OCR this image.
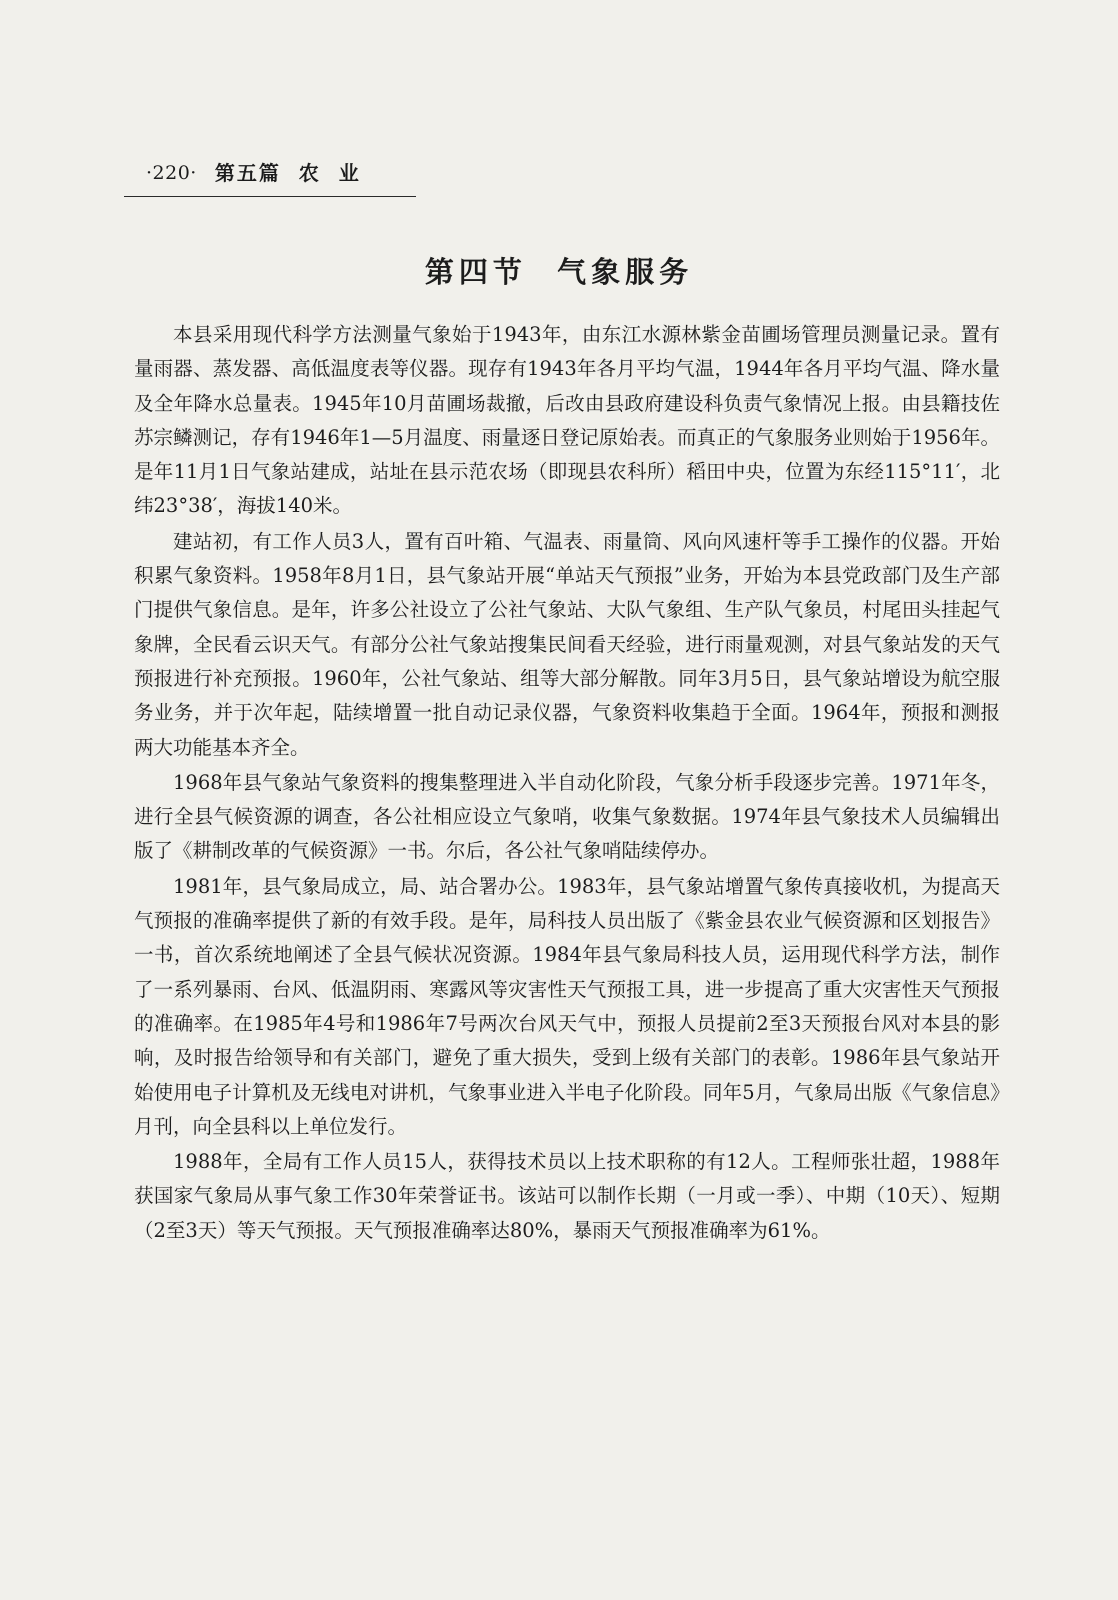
·220· 第五篇  农  业
第四节  气象服务

本县采用现代科学方法测量气象始于1943年，由东江水源林紫金苗圃场管理员测量记录。置有量雨器、蒸发器、高低温度表等仪器。现存有1943年各月平均气温，1944年各月平均气温、降水量及全年降水总量表。1945年10月苗圃场裁撤，后改由县政府建设科负责气象情况上报。由县籍技佐苏宗鳞测记，存有1946年1—5月温度、雨量逐日登记原始表。而真正的气象服务业则始于1956年。是年11月1日气象站建成，站址在县示范农场（即现县农科所）稻田中央，位置为东经115°11′，北纬23°38′，海拔140米。

建站初，有工作人员3人，置有百叶箱、气温表、雨量筒、风向风速杆等手工操作的仪器。开始积累气象资料。1958年8月1日，县气象站开展“单站天气预报”业务，开始为本县党政部门及生产部门提供气象信息。是年，许多公社设立了公社气象站、大队气象组、生产队气象员，村尾田头挂起气象牌，全民看云识天气。有部分公社气象站搜集民间看天经验，进行雨量观测，对县气象站发的天气预报进行补充预报。1960年，公社气象站、组等大部分解散。同年3月5日，县气象站增设为航空服务业务，并于次年起，陆续增置一批自动记录仪器，气象资料收集趋于全面。1964年，预报和测报两大功能基本齐全。

1968年县气象站气象资料的搜集整理进入半自动化阶段，气象分析手段逐步完善。1971年冬，进行全县气候资源的调查，各公社相应设立气象哨，收集气象数据。1974年县气象技术人员编辑出版了《耕制改革的气候资源》一书。尔后，各公社气象哨陆续停办。

1981年，县气象局成立，局、站合署办公。1983年，县气象站增置气象传真接收机，为提高天气预报的准确率提供了新的有效手段。是年，局科技人员出版了《紫金县农业气候资源和区划报告》一书，首次系统地阐述了全县气候状况资源。1984年县气象局科技人员，运用现代科学方法，制作了一系列暴雨、台风、低温阴雨、寒露风等灾害性天气预报工具，进一步提高了重大灾害性天气预报的准确率。在1985年4号和1986年7号两次台风天气中，预报人员提前2至3天预报台风对本县的影响，及时报告给领导和有关部门，避免了重大损失，受到上级有关部门的表彰。1986年县气象站开始使用电子计算机及无线电对讲机，气象事业进入半电子化阶段。同年5月，气象局出版《气象信息》月刊，向全县科以上单位发行。

1988年，全局有工作人员15人，获得技术员以上技术职称的有12人。工程师张壮超，1988年获国家气象局从事气象工作30年荣誉证书。该站可以制作长期（一月或一季）、中期（10天）、短期（2至3天）等天气预报。天气预报准确率达80%，暴雨天气预报准确率为61%。
